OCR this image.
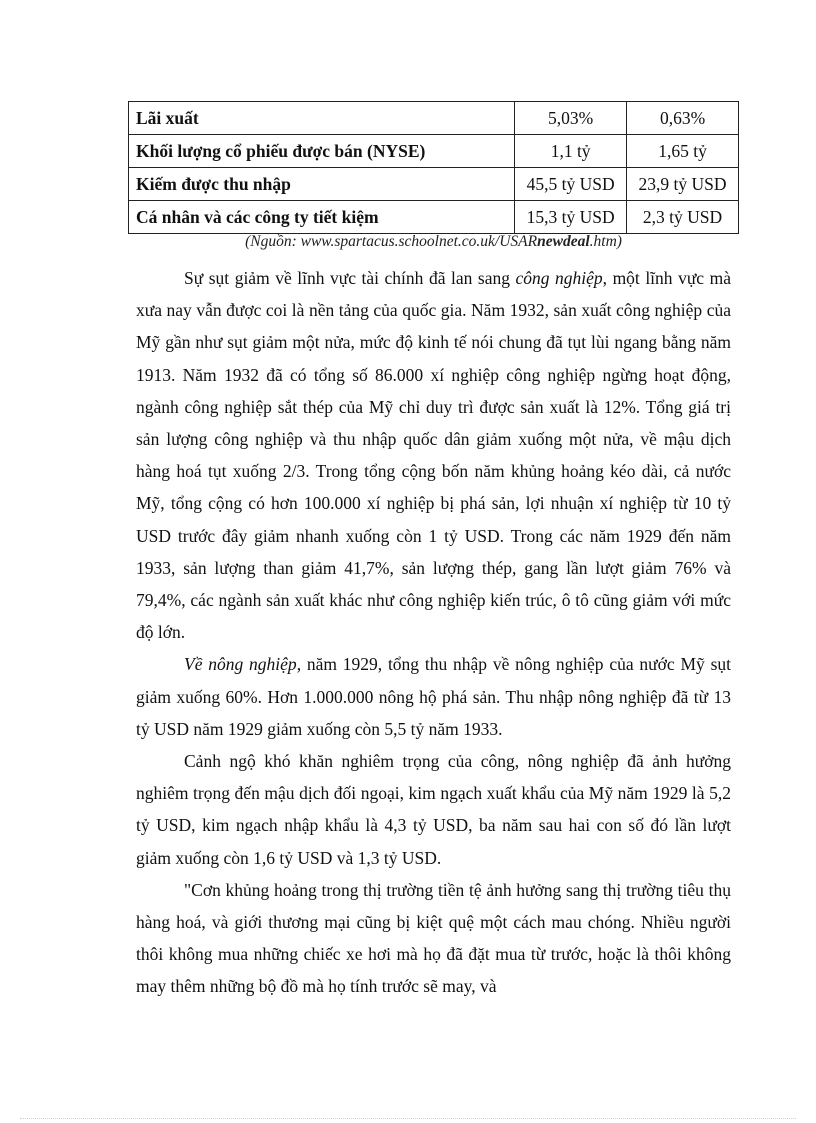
Lãi xuất	5,03%	0,63%
Khối lượng cổ phiếu được bán (NYSE)	1,1 tỷ	1,65 tỷ
Kiếm được thu nhập	45,5 tỷ USD	23,9 tỷ USD
Cá nhân và các công ty tiết kiệm	15,3 tỷ USD	2,3 tỷ USD
(Nguồn: www.spartacus.schoolnet.co.uk/USARnewdeal.htm)

Sự sụt giảm về lĩnh vực tài chính đã lan sang công nghiệp, một lĩnh vực mà xưa nay vẫn được coi là nền tảng của quốc gia. Năm 1932, sản xuất công nghiệp của Mỹ gần như sụt giảm một nửa, mức độ kinh tế nói chung đã tụt lùi ngang bằng năm 1913. Năm 1932 đã có tổng số 86.000 xí nghiệp công nghiệp ngừng hoạt động, ngành công nghiệp sắt thép của Mỹ chỉ duy trì được sản xuất là 12%. Tổng giá trị sản lượng công nghiệp và thu nhập quốc dân giảm xuống một nửa, về mậu dịch hàng hoá tụt xuống 2/3. Trong tổng cộng bốn năm khủng hoảng kéo dài, cả nước Mỹ, tổng cộng có hơn 100.000 xí nghiệp bị phá sản, lợi nhuận xí nghiệp từ 10 tỷ USD trước đây giảm nhanh xuống còn 1 tỷ USD. Trong các năm 1929 đến năm 1933, sản lượng than giảm 41,7%, sản lượng thép, gang lần lượt giảm 76% và 79,4%, các ngành sản xuất khác như công nghiệp kiến trúc, ô tô cũng giảm với mức độ lớn.

Về nông nghiệp, năm 1929, tổng thu nhập về nông nghiệp của nước Mỹ sụt giảm xuống 60%. Hơn 1.000.000 nông hộ phá sản. Thu nhập nông nghiệp đã từ 13 tỷ USD năm 1929 giảm xuống còn 5,5 tỷ năm 1933.

Cảnh ngộ khó khăn nghiêm trọng của công, nông nghiệp đã ảnh hưởng nghiêm trọng đến mậu dịch đối ngoại, kim ngạch xuất khẩu của Mỹ năm 1929 là 5,2 tỷ USD, kim ngạch nhập khẩu là 4,3 tỷ USD, ba năm sau hai con số đó lần lượt giảm xuống còn 1,6 tỷ USD và 1,3 tỷ USD.

"Cơn khủng hoảng trong thị trường tiền tệ ảnh hưởng sang thị trường tiêu thụ hàng hoá, và giới thương mại cũng bị kiệt quệ một cách mau chóng. Nhiều người thôi không mua những chiếc xe hơi mà họ đã đặt mua từ trước, hoặc là thôi không may thêm những bộ đồ mà họ tính trước sẽ may, và
